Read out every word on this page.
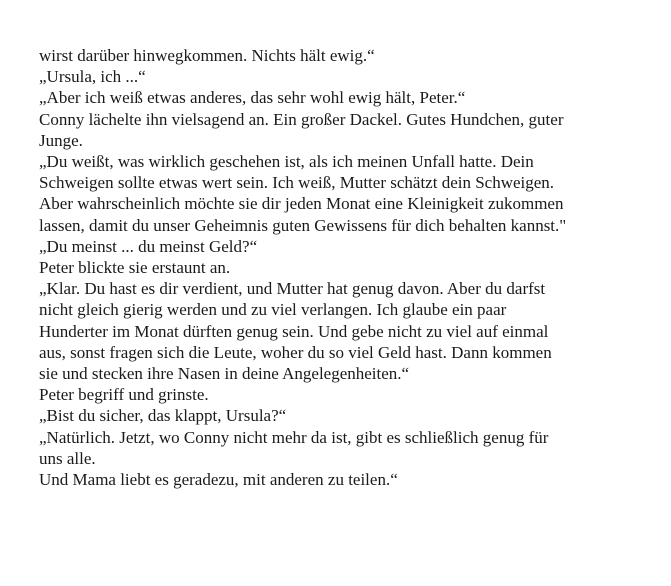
wirst darüber hinwegkommen. Nichts hält ewig.“
„Ursula, ich ...“
„Aber ich weiß etwas anderes, das sehr wohl ewig hält, Peter.“
Conny lächelte ihn vielsagend an. Ein großer Dackel. Gutes Hundchen, guter
Junge.
„Du weißt, was wirklich geschehen ist, als ich meinen Unfall hatte. Dein
Schweigen sollte etwas wert sein. Ich weiß, Mutter schätzt dein Schweigen.
Aber wahrscheinlich möchte sie dir jeden Monat eine Kleinigkeit zukommen
lassen, damit du unser Geheimnis guten Gewissens für dich behalten kannst."
„Du meinst ... du meinst Geld?“
Peter blickte sie erstaunt an.
„Klar. Du hast es dir verdient, und Mutter hat genug davon. Aber du darfst
nicht gleich gierig werden und zu viel verlangen. Ich glaube ein paar
Hunderter im Monat dürften genug sein. Und gebe nicht zu viel auf einmal
aus, sonst fragen sich die Leute, woher du so viel Geld hast. Dann kommen
sie und stecken ihre Nasen in deine Angelegenheiten.“
Peter begriff und grinste.
„Bist du sicher, das klappt, Ursula?“
„Natürlich. Jetzt, wo Conny nicht mehr da ist, gibt es schließlich genug für
uns alle.
Und Mama liebt es geradezu, mit anderen zu teilen.“
